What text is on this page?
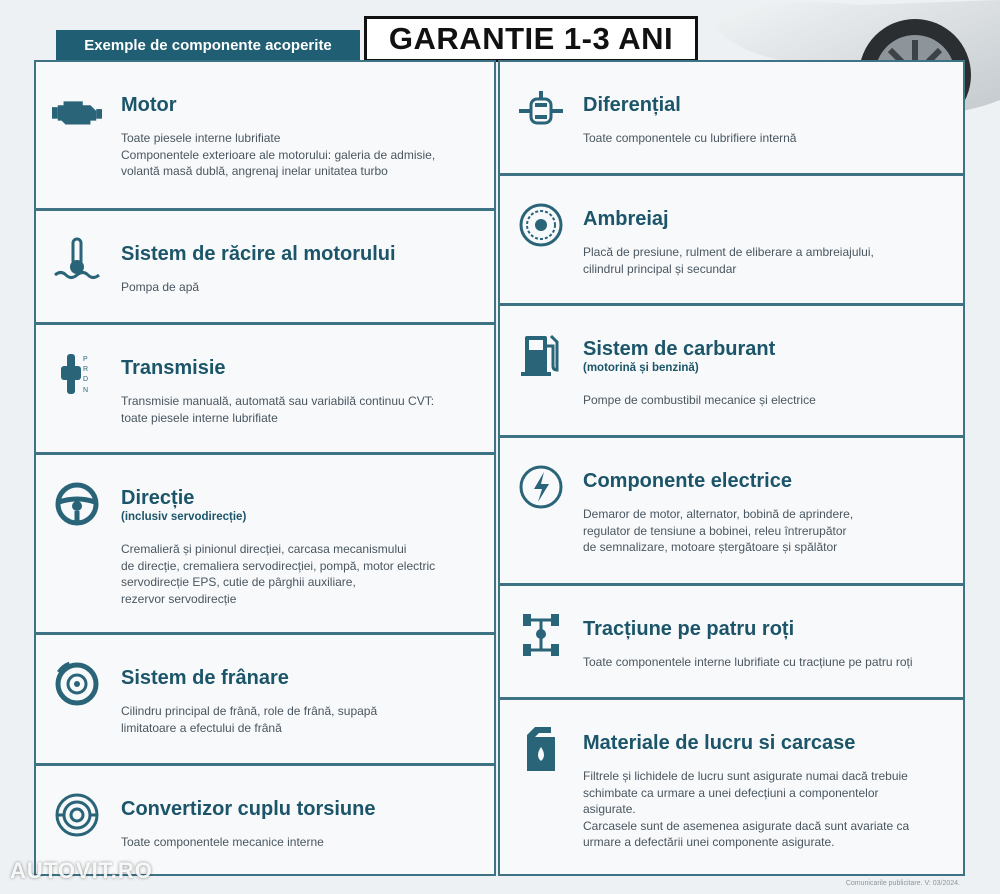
Exemple de componente acoperite	GARANTIE 1-3 ANI
Motor
Toate piesele interne lubrifiate
Componentele exterioare ale motorului: galeria de admisie,
volantă masă dublă, angrenaj inelar unitatea turbo
Sistem de răcire al motorului
Pompa de apă
P
R
D
N
Transmisie
Transmisie manuală, automată sau variabilă continuu CVT:
toate piesele interne lubrifiate
Direcție
(inclusiv servodirecție)
Cremalieră și pinionul direcției, carcasa mecanismului
de direcție, cremaliera servodirecției, pompă, motor electric
servodirecție EPS, cutie de pârghii auxiliare,
rezervor servodirecție
Sistem de frânare
Cilindru principal de frână, role de frână, supapă
limitatoare a efectului de frână
Convertizor cuplu torsiune
Toate componentele mecanice interne
Diferențial
Toate componentele cu lubrifiere internă
Ambreiaj
Placă de presiune, rulment de eliberare a ambreiajului,
cilindrul principal și secundar
Sistem de carburant
(motorină și benzină)
Pompe de combustibil mecanice și electrice
Componente electrice
Demaror de motor, alternator, bobină de aprindere,
regulator de tensiune a bobinei, releu întrerupător
de semnalizare, motoare ștergătoare și spălător
Tracțiune pe patru roți
Toate componentele interne lubrifiate cu tracțiune pe patru roți
Materiale de lucru si carcase
Filtrele și lichidele de lucru sunt asigurate numai dacă trebuie
schimbate ca urmare a unei defecțiuni a componentelor
asigurate.
Carcasele sunt de asemenea asigurate dacă sunt avariate ca
urmare a defectării unei componente asigurate.
AUTOVIT.RO
Comunicarile publicitare. V: 03/2024.
